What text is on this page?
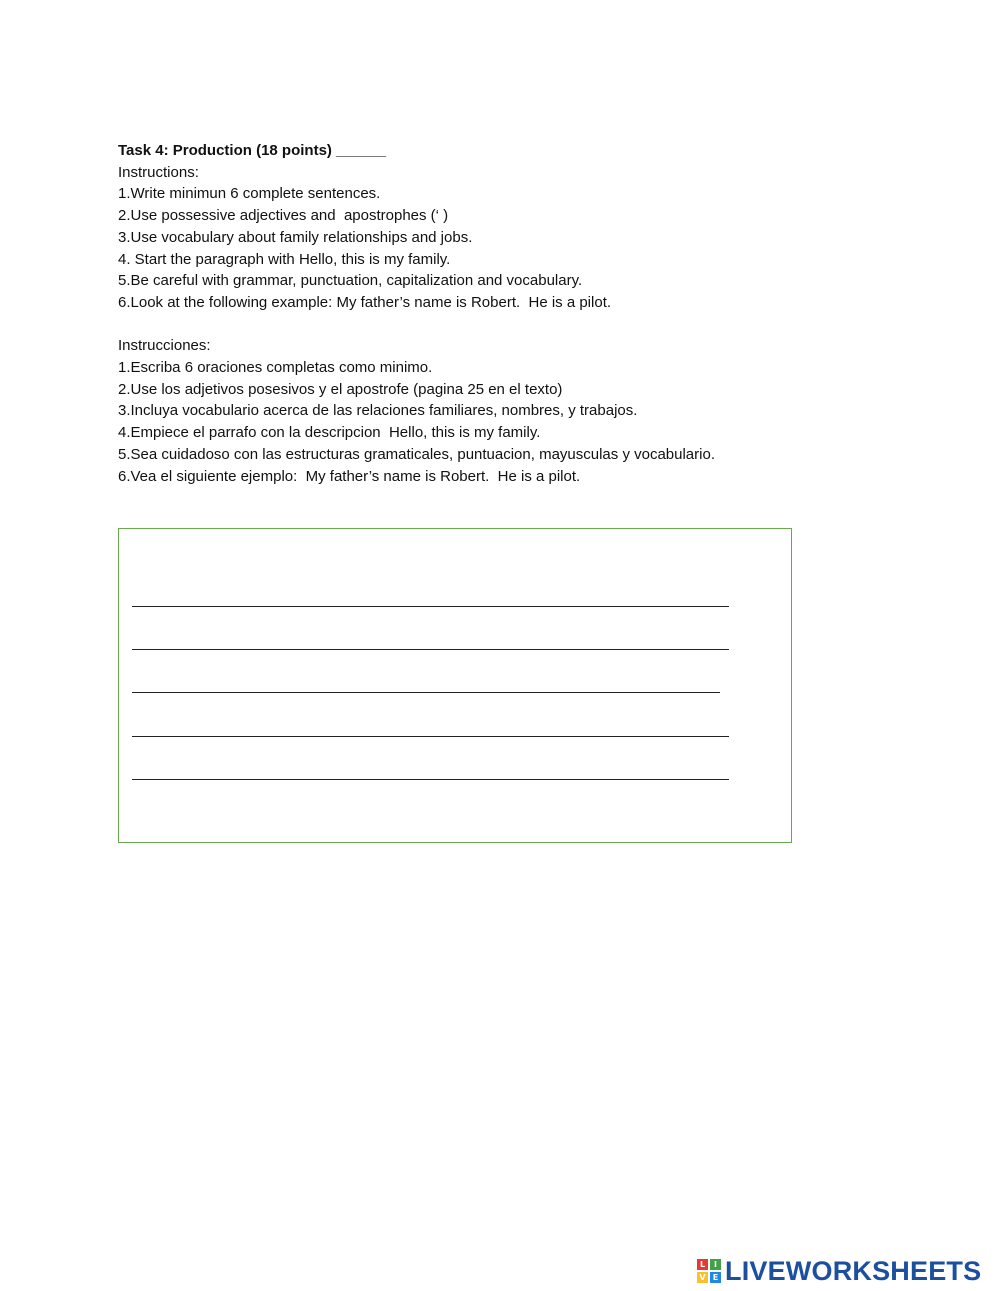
Task 4: Production (18 points) ______
Instructions:
1.Write minimun 6 complete sentences.
2.Use possessive adjectives and  apostrophes (‘ )
3.Use vocabulary about family relationships and jobs.
4. Start the paragraph with Hello, this is my family.
5.Be careful with grammar, punctuation, capitalization and vocabulary.
6.Look at the following example: My father’s name is Robert.  He is a pilot.
Instrucciones:
1.Escriba 6 oraciones completas como minimo.
2.Use los adjetivos posesivos y el apostrofe (pagina 25 en el texto)
3.Incluya vocabulario acerca de las relaciones familiares, nombres, y trabajos.
4.Empiece el parrafo con la descripcion  Hello, this is my family.
5.Sea cuidadoso con las estructuras gramaticales, puntuacion, mayusculas y vocabulario.
6.Vea el siguiente ejemplo:  My father’s name is Robert.  He is a pilot.
L	I
V E LIVEWORKSHEETS
